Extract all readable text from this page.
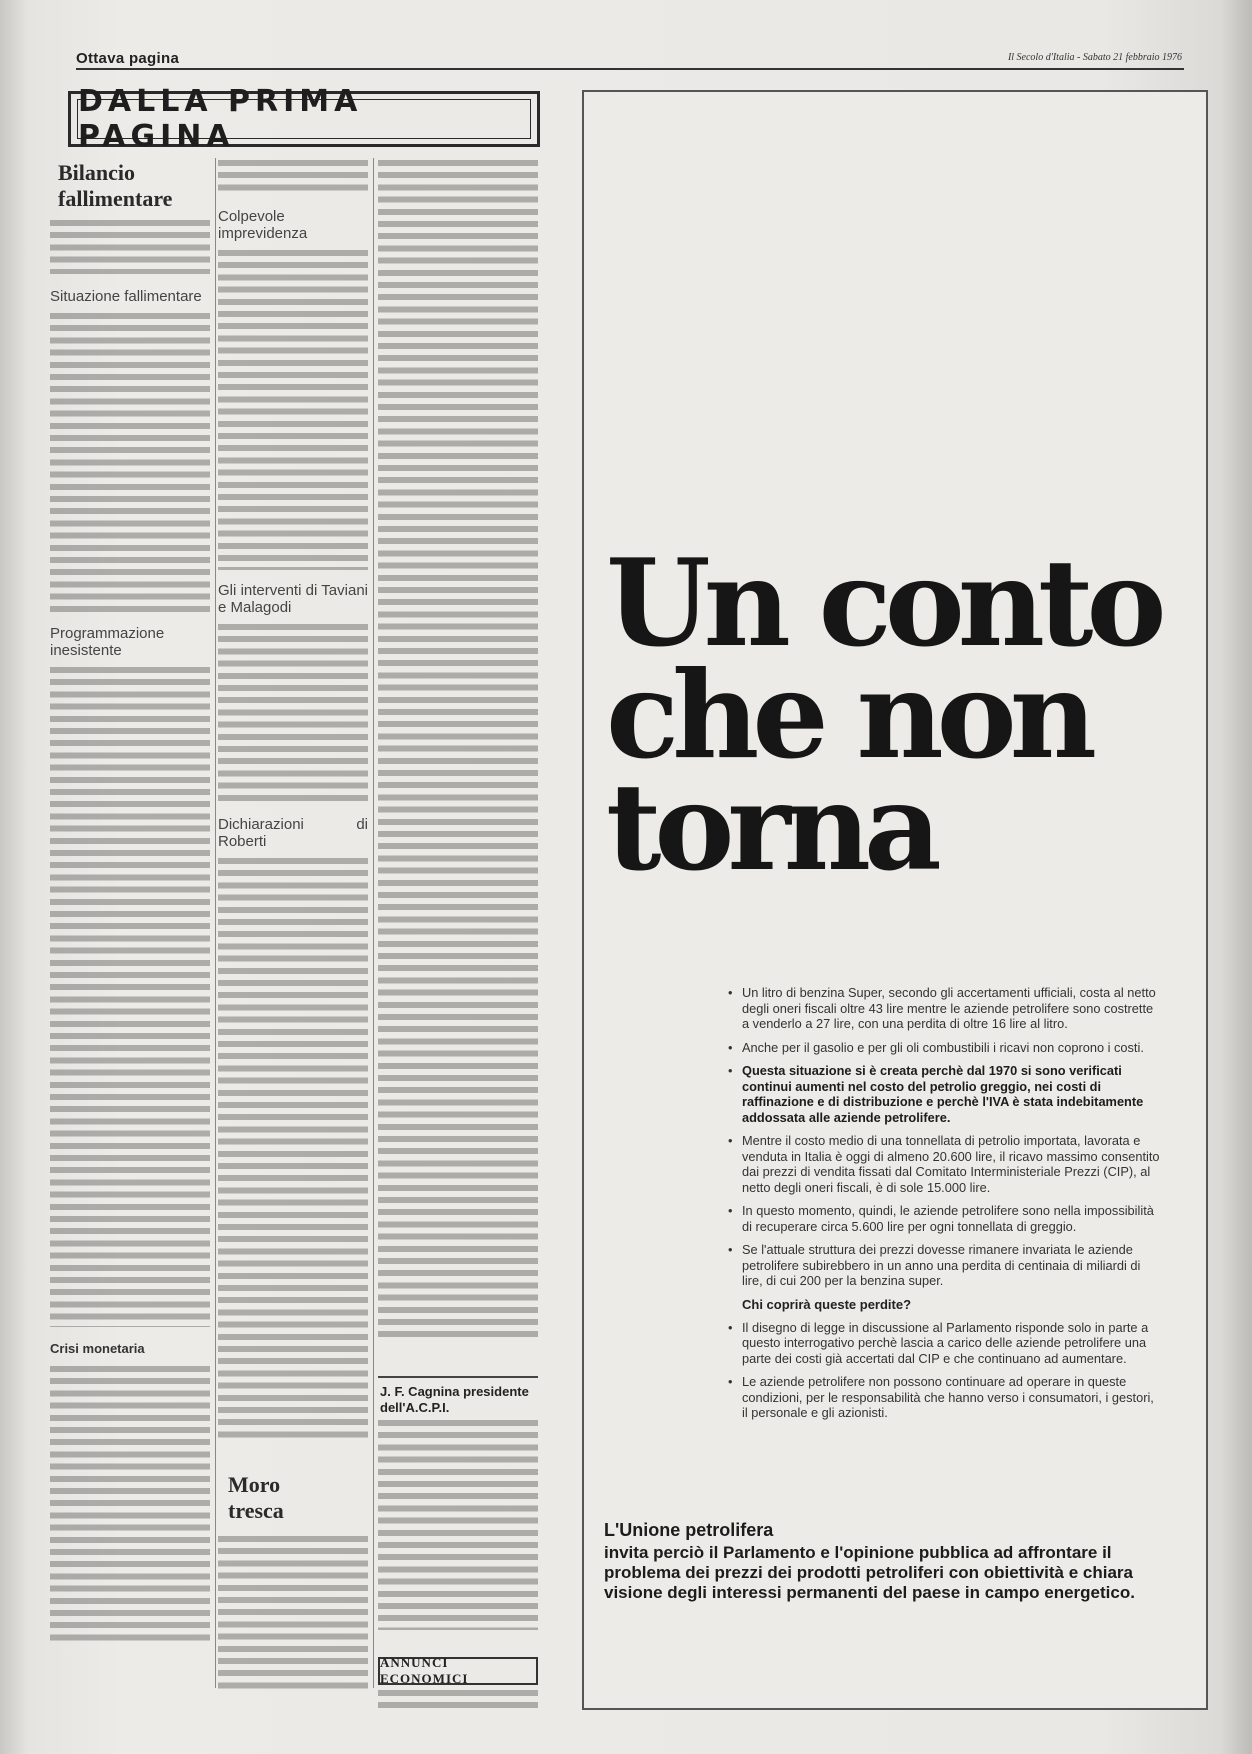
Ottava pagina	Il Secolo d'Italia - Sabato 21 febbraio 1976
DALLA PRIMA PAGINA
Bilancio fallimentare
Situazione fallimentare
Programmazione inesistente
Crisi monetaria
Colpevole imprevidenza
Gli interventi di Taviani e Malagodi
Dichiarazioni di Roberti
Moro tresca
J. F. Cagnina presidente dell'A.C.P.I.
ANNUNCI ECONOMICI
Un conto
che non
torna
• Un litro di benzina Super, secondo gli accertamenti ufficiali, costa al netto degli oneri fiscali oltre 43 lire mentre le aziende petrolifere sono costrette a venderlo a 27 lire, con una perdita di oltre 16 lire al litro.
• Anche per il gasolio e per gli oli combustibili i ricavi non coprono i costi.
• Questa situazione si è creata perchè dal 1970 si sono verificati continui aumenti nel costo del petrolio greggio, nei costi di raffinazione e di distribuzione e perchè l'IVA è stata indebitamente addossata alle aziende petrolifere.
• Mentre il costo medio di una tonnellata di petrolio importata, lavorata e venduta in Italia è oggi di almeno 20.600 lire, il ricavo massimo consentito dai prezzi di vendita fissati dal Comitato Interministeriale Prezzi (CIP), al netto degli oneri fiscali, è di sole 15.000 lire.
• In questo momento, quindi, le aziende petrolifere sono nella impossibilità di recuperare circa 5.600 lire per ogni tonnellata di greggio.
• Se l'attuale struttura dei prezzi dovesse rimanere invariata le aziende petrolifere subirebbero in un anno una perdita di centinaia di miliardi di lire, di cui 200 per la benzina super.
Chi coprirà queste perdite?
• Il disegno di legge in discussione al Parlamento risponde solo in parte a questo interrogativo perchè lascia a carico delle aziende petrolifere una parte dei costi già accertati dal CIP e che continuano ad aumentare.
• Le aziende petrolifere non possono continuare ad operare in queste condizioni, per le responsabilità che hanno verso i consumatori, i gestori, il personale e gli azionisti.
L'Unione petrolifera
invita perciò il Parlamento e l'opinione pubblica ad affrontare il problema dei prezzi dei prodotti petroliferi con obiettività e chiara visione degli interessi permanenti del paese in campo energetico.
